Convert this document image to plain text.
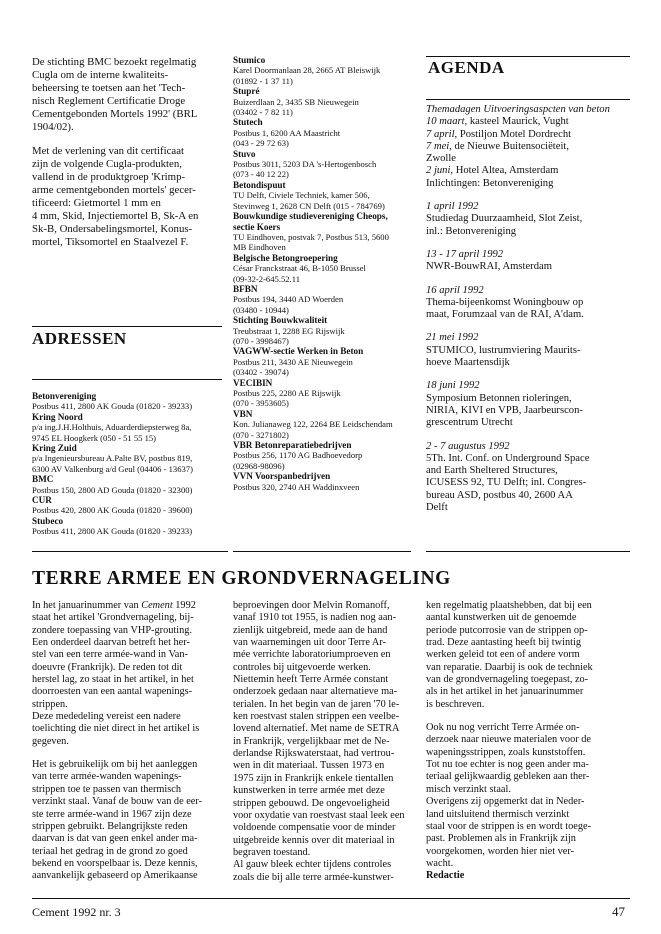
De stichting BMC bezoekt regelmatig
Cugla om de interne kwaliteits-
beheersing te toetsen aan het 'Tech-
nisch Reglement Certificatie Droge
Cementgebonden Mortels 1992' (BRL
1904/02).

Met de verlening van dit certificaat
zijn de volgende Cugla-produkten,
vallend in de produktgroep 'Krimp-
arme cementgebonden mortels' gecer-
tificeerd: Gietmortel 1 mm en
4 mm, Skid, Injectiemortel B, Sk-A en
Sk-B, Ondersabelingsmortel, Konus-
mortel, Tiksomortel en Staalvezel F.

ADRESSEN
Betonvereniging
Postbus 411, 2800 AK Gouda (01820 - 39233)
Kring Noord
p/a ing.J.H.Holthuis, Aduarderdiepsterweg 8a,
9745 EL Hoogkerk (050 - 51 55 15)
Kring Zuid
p/a Ingenieursbureau A.Palte BV, postbus 819,
6300 AV Valkenburg a/d Geul (04406 - 13637)
BMC
Postbus 150, 2800 AD Gouda (01820 - 32300)
CUR
Postbus 420, 2800 AK Gouda (01820 - 39600)
Stubeco
Postbus 411, 2800 AK Gouda (01820 - 39233)
Stumico
Karel Doormanlaan 28, 2665 AT Bleiswijk
(01892 - 1 37 11)
Stupré
Buizerdlaan 2, 3435 SB Nieuwegein
(03402 - 7 82 11)
Stutech
Postbus 1, 6200 AA Maastricht
(043 - 29 72 63)
Stuvo
Postbus 3011, 5203 DA 's-Hertogenbosch
(073 - 40 12 22)
Betondispuut
TU Delft, Civiele Techniek, kamer 506,
Stevinweg 1, 2628 CN Delft (015 - 784769)
Bouwkundige studievereniging Cheops, sectie Koers
TU Eindhoven, postvak 7, Postbus 513, 5600
MB Eindhoven
Belgische Betongroepering
César Franckstraat 46, B-1050 Brussel
(09-32-2-645.52.11
BFBN
Postbus 194, 3440 AD Woerden
(03480 - 10944)
Stichting Bouwkwaliteit
Treubstraat 1, 2288 EG Rijswijk
(070 - 3998467)
VAGWW-sectie Werken in Beton
Postbus 211, 3430 AE Nieuwegein
(03402 - 39074)
VECIBIN
Postbus 225, 2280 AE Rijswijk
(070 - 3953605)
VBN
Kon. Julianaweg 122, 2264 BE Leidschendam
(070 - 3271802)
VBR Betonreparatiebedrijven
Postbus 256, 1170 AG Badhoevedorp
(02968-98096)
VVN Voorspanbedrijven
Postbus 320, 2740 AH Waddinxveen
AGENDA
Themadagen Uitvoeringsaspcten van beton
10 maart, kasteel Maurick, Vught
7 april, Postiljon Motel Dordrecht
7 mei, de Nieuwe Buitensociëteit,
Zwolle
2 juni, Hotel Altea, Amsterdam
Inlichtingen: Betonvereniging
1 april 1992
Studiedag Duurzaamheid, Slot Zeist,
inl.: Betonvereniging
13 - 17 april 1992
NWR-BouwRAI, Amsterdam
16 april 1992
Thema-bijeenkomst Woningbouw op
maat, Forumzaal van de RAI, A'dam.
21 mei 1992
STUMICO, lustrumviering Maurits-
hoeve Maartensdijk
18 juni 1992
Symposium Betonnen rioleringen,
NIRIA, KIVI en VPB, Jaarbeurscon-
grescentrum Utrecht
2 - 7 augustus 1992
5Th. Int. Conf. on Underground Space
and Earth Sheltered Structures,
ICUSESS 92, TU Delft; inl. Congres-
bureau ASD, postbus 40, 2600 AA
Delft
TERRE ARMEE EN GRONDVERNAGELING

In het januarinummer van Cement 1992
staat het artikel 'Grondvernageling, bij-
zondere toepassing van VHP-grouting.
Een onderdeel daarvan betreft het her-
stel van een terre armée-wand in Van-
doeuvre (Frankrijk). De reden tot dit
herstel lag, zo staat in het artikel, in het
doorroesten van een aantal wapenings-
strippen.
Deze mededeling vereist een nadere
toelichting die niet direct in het artikel is
gegeven.

Het is gebruikelijk om bij het aanleggen
van terre armée-wanden wapenings-
strippen toe te passen van thermisch
verzinkt staal. Vanaf de bouw van de eer-
ste terre armée-wand in 1967 zijn deze
strippen gebruikt. Belangrijkste reden
daarvan is dat van geen enkel ander ma-
teriaal het gedrag in de grond zo goed
bekend en voorspelbaar is. Deze kennis,
aanvankelijk gebaseerd op Amerikaanse

beproevingen door Melvin Romanoff,
vanaf 1910 tot 1955, is nadien nog aan-
zienlijk uitgebreid, mede aan de hand
van waarnemingen uit door Terre Ar-
mée verrichte laboratoriumproeven en
controles bij uitgevoerde werken.
Niettemin heeft Terre Armée constant
onderzoek gedaan naar alternatieve ma-
terialen. In het begin van de jaren '70 le-
ken roestvast stalen strippen een veelbe-
lovend alternatief. Met name de SETRA
in Frankrijk, vergelijkbaar met de Ne-
derlandse Rijkswaterstaat, had vertrou-
wen in dit materiaal. Tussen 1973 en
1975 zijn in Frankrijk enkele tientallen
kunstwerken in terre armée met deze
strippen gebouwd. De ongevoeligheid
voor oxydatie van roestvast staal leek een
voldoende compensatie voor de minder
uitgebreide kennis over dit materiaal in
begraven toestand.
Al gauw bleek echter tijdens controles
zoals die bij alle terre armée-kunstwer-

ken regelmatig plaatshebben, dat bij een
aantal kunstwerken uit de genoemde
periode putcorrosie van de strippen op-
trad. Deze aantasting heeft bij twintig
werken geleid tot een of andere vorm
van reparatie. Daarbij is ook de techniek
van de grondvernageling toegepast, zo-
als in het artikel in het januarinummer
is beschreven.

Ook nu nog verricht Terre Armée on-
derzoek naar nieuwe materialen voor de
wapeningsstrippen, zoals kunststoffen.
Tot nu toe echter is nog geen ander ma-
teriaal gelijkwaardig gebleken aan ther-
misch verzinkt staal.
Overigens zij opgemerkt dat in Neder-
land uitsluitend thermisch verzinkt
staal voor de strippen is en wordt toege-
past. Problemen als in Frankrijk zijn
voorgekomen, worden hier niet ver-
wacht.
Redactie

Cement 1992 nr. 3	47
